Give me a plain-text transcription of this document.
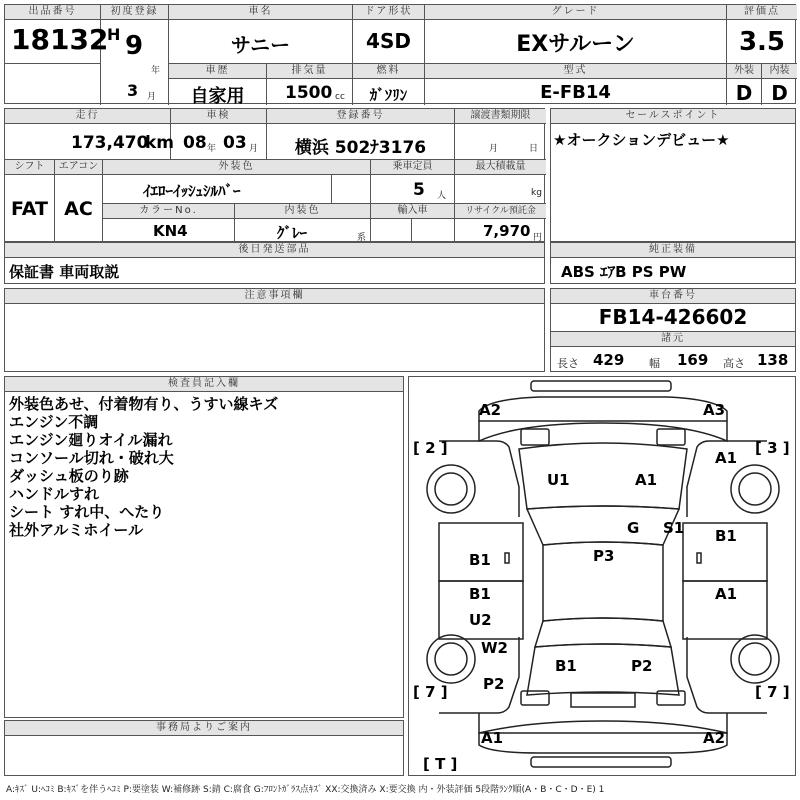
出品番号
18132
初度登録
H 9
年
3 月
車名
サニー
ドア形状
4SD
グレード
EXサルーン
評価点
3.5
車歴
自家用
排気量
1500 cc
燃料
ｶﾞｿﾘﾝ
型式
E-FB14
外装
D
内装
D
走行
173,470
km
車検
08 年 03 月
登録番号
横浜 502ﾅ3176
譲渡書類期限
月	日
シフト
FAT
エアコン
AC
外装色
ｲｴﾛｰｲｯｼｭｼﾙﾊﾞｰ
乗車定員
5 人
最大積載量
kg
カラーNo.
KN4
内装色
ｸﾞﾚｰ	系
輸入車	リサイクル預託金
7,970 円
セールスポイント
★オークションデビュー★
後日発送部品
保証書 車両取説
純正装備
ABS ｴｱB PS PW
注意事項欄	車台番号
FB14-426602
諸元
長さ 429 幅 169 高さ 138
検査員記入欄
外装色あせ、付着物有り、うすい線キズ
エンジン不調
エンジン廻りオイル漏れ
コンソール切れ・破れ大
ダッシュ板のり跡
ハンドルすれ
シート すれ中、へたり
社外アルミホイール
事務局よりご案内
[ 2 ]	[ 3 ]
[ 7 ]	[ 7 ]
[ T ]
A2	A3
U1	A1
A1
G S1
B1
B1
P3
B1	A1
U2
W2
P2
B1	P2
A1	A2
A:ｷｽﾞ U:ﾍｺﾐ B:ｷｽﾞを伴うﾍｺﾐ P:要塗装 W:補修跡 S:錆 C:腐食 G:ﾌﾛﾝﾄｶﾞﾗｽ点ｷｽﾞ XX:交換済み X:要交換 内・外装評価 5段階ﾗﾝｸ順(A・B・C・D・E) 1
